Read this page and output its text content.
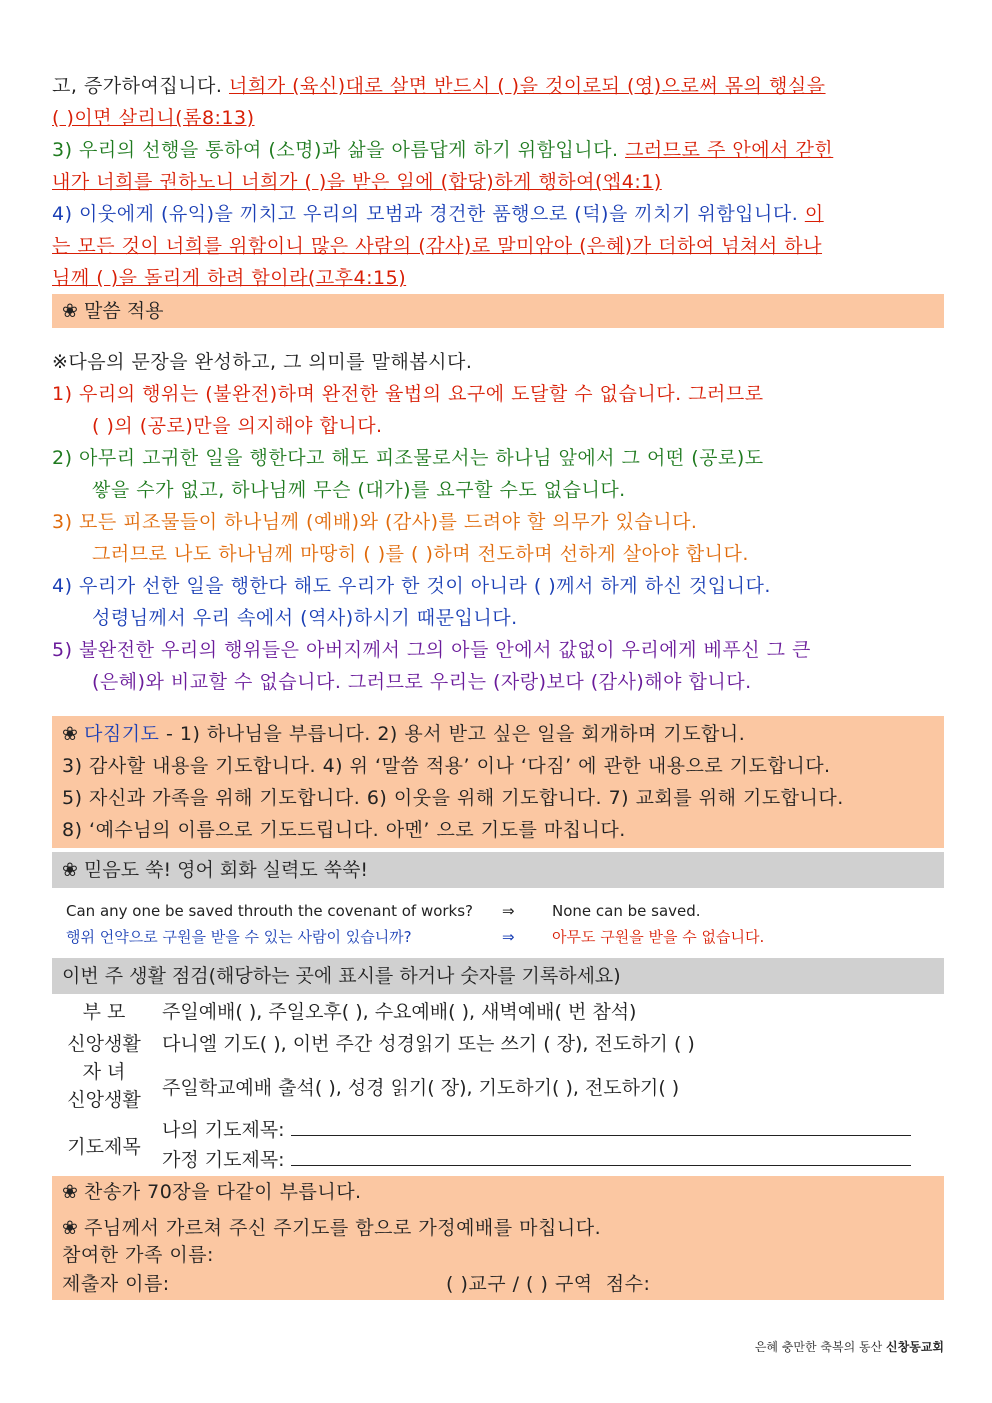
고, 증가하여집니다. 너희가 (육신)대로 살면 반드시 ( )을 것이로되 (영)으로써 몸의 행실을
( )이면 살리니(롬8:13)
3) 우리의 선행을 통하여 (소명)과 삶을 아름답게 하기 위함입니다. 그러므로 주 안에서 갇힌
내가 너희를 권하노니 너희가 ( )을 받은 일에 (합당)하게 행하여(엡4:1)
4) 이웃에게 (유익)을 끼치고 우리의 모범과 경건한 품행으로 (덕)을 끼치기 위함입니다. 이
는 모든 것이 너희를 위함이니 많은 사람의 (감사)로 말미암아 (은혜)가 더하여 넘쳐서 하나
님께 ( )을 돌리게 하려 함이라(고후4:15)
❀ 말씀 적용
※다음의 문장을 완성하고, 그 의미를 말해봅시다.
1) 우리의 행위는 (불완전)하며 완전한 율법의 요구에 도달할 수 없습니다. 그러므로
( )의 (공로)만을 의지해야 합니다.
2) 아무리 고귀한 일을 행한다고 해도 피조물로서는 하나님 앞에서 그 어떤 (공로)도
쌓을 수가 없고, 하나님께 무슨 (대가)를 요구할 수도 없습니다.
3) 모든 피조물들이 하나님께 (예배)와 (감사)를 드려야 할 의무가 있습니다.
그러므로 나도 하나님께 마땅히 ( )를 ( )하며 전도하며 선하게 살아야 합니다.
4) 우리가 선한 일을 행한다 해도 우리가 한 것이 아니라 ( )께서 하게 하신 것입니다.
성령님께서 우리 속에서 (역사)하시기 때문입니다.
5) 불완전한 우리의 행위들은 아버지께서 그의 아들 안에서 값없이 우리에게 베푸신 그 큰
(은혜)와 비교할 수 없습니다. 그러므로 우리는 (자랑)보다 (감사)해야 합니다.
❀ 다짐기도 - 1) 하나님을 부릅니다. 2) 용서 받고 싶은 일을 회개하며 기도합니.
3) 감사할 내용을 기도합니다. 4) 위 ‘말씀 적용’ 이나 ‘다짐’ 에 관한 내용으로 기도합니다.
5) 자신과 가족을 위해 기도합니다. 6) 이웃을 위해 기도합니다. 7) 교회를 위해 기도합니다.
8) ‘예수님의 이름으로 기도드립니다. 아멘’ 으로 기도를 마칩니다.
❀ 믿음도 쑥! 영어 회화 실력도 쑥쑥!
Can any one be saved throuth the covenant of works? ⇒ None can be saved.
행위 언약으로 구원을 받을 수 있는 사람이 있습니까?	⇒ 아무도 구원을 받을 수 없습니다.
이번 주 생활 점검(해당하는 곳에 표시를 하거나 숫자를 기록하세요)
부 모	주일예배( ), 주일오후( ), 수요예배( ), 새벽예배( 번 참석)
신앙생활	다니엘 기도( ), 이번 주간 성경읽기 또는 쓰기 ( 장), 전도하기 ( )

자 녀
신앙생활	주일학교예배 출석( ), 성경 읽기( 장), 기도하기( ), 전도하기( )
기도제목	나의 기도제목:
가정 기도제목:
❀ 찬송가 70장을 다같이 부릅니다.
❀ 주님께서 가르쳐 주신 주기도를 함으로 가정예배를 마칩니다.
참여한 가족 이름:
제출자 이름:	( )교구 / ( ) 구역 점수:
은혜 충만한 축복의 동산 신창동교회
